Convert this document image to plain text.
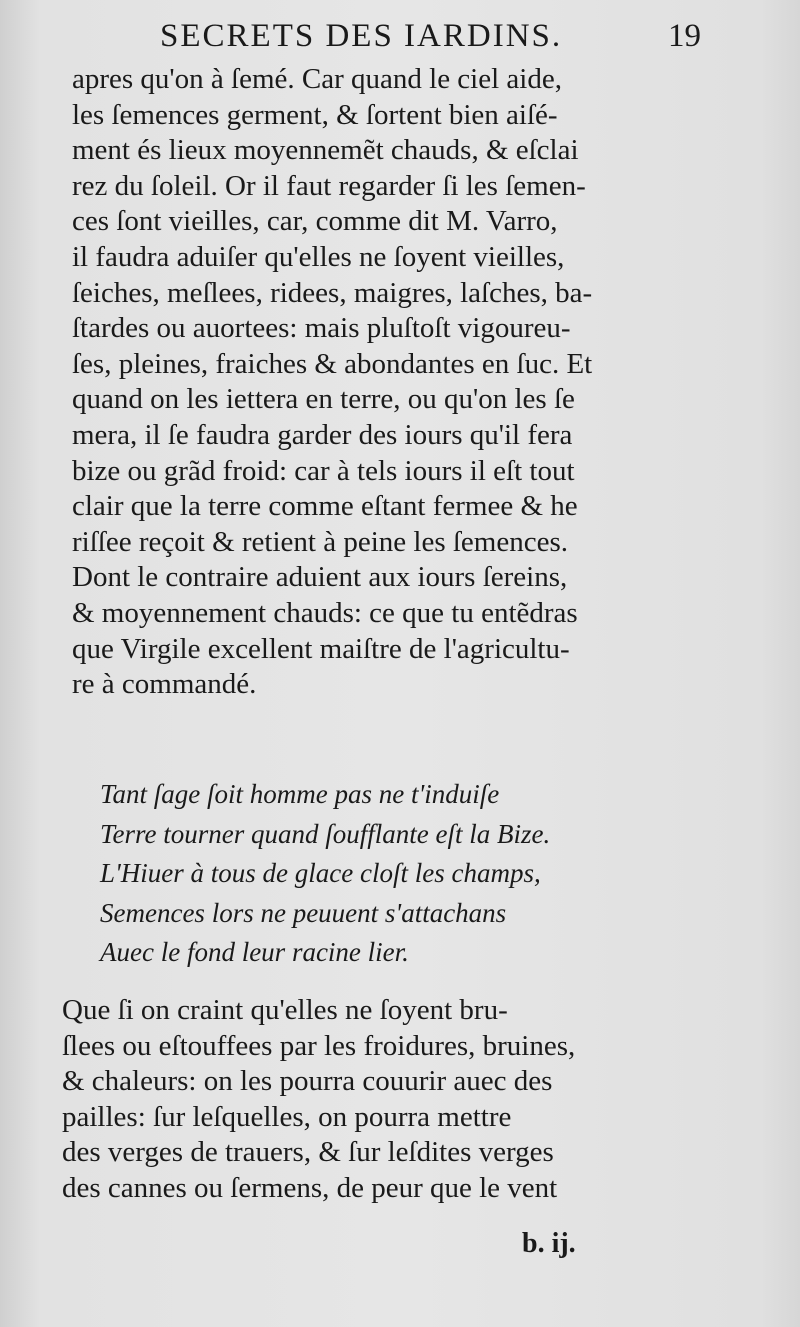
SECRETS DES IARDINS.	19
apres qu'on à ſemé. Car quand le ciel aide,
les ſemences germent, & ſortent bien aiſé-
ment és lieux moyennemẽt chauds, & eſclai
rez du ſoleil. Or il faut regarder ſi les ſemen-
ces ſont vieilles, car, comme dit M. Varro,
il faudra aduiſer qu'elles ne ſoyent vieilles,
ſeiches, meſlees, ridees, maigres, laſches, ba-
ſtardes ou auortees: mais pluſtoſt vigoureu-
ſes, pleines, fraiches & abondantes en ſuc. Et
quand on les iettera en terre, ou qu'on les ſe
mera, il ſe faudra garder des iours qu'il fera
bize ou grãd froid: car à tels iours il eſt tout
clair que la terre comme eſtant fermee & he
riſſee reçoit & retient à peine les ſemences.
Dont le contraire aduient aux iours ſereins,
& moyennement chauds: ce que tu entẽdras
que Virgile excellent maiſtre de l'agricultu-
re à commandé.
Tant ſage ſoit homme pas ne t'induiſe
Terre tourner quand ſoufflante eſt la Bize.
L'Hiuer à tous de glace cloſt les champs,
Semences lors ne peuuent s'attachans
Auec le fond leur racine lier.
Que ſi on craint qu'elles ne ſoyent bru-
ſlees ou eſtouffees par les froidures, bruines,
& chaleurs: on les pourra couurir auec des
pailles: ſur leſquelles, on pourra mettre
des verges de trauers, & ſur leſdites verges
des cannes ou ſermens, de peur que le vent
b. ij.
